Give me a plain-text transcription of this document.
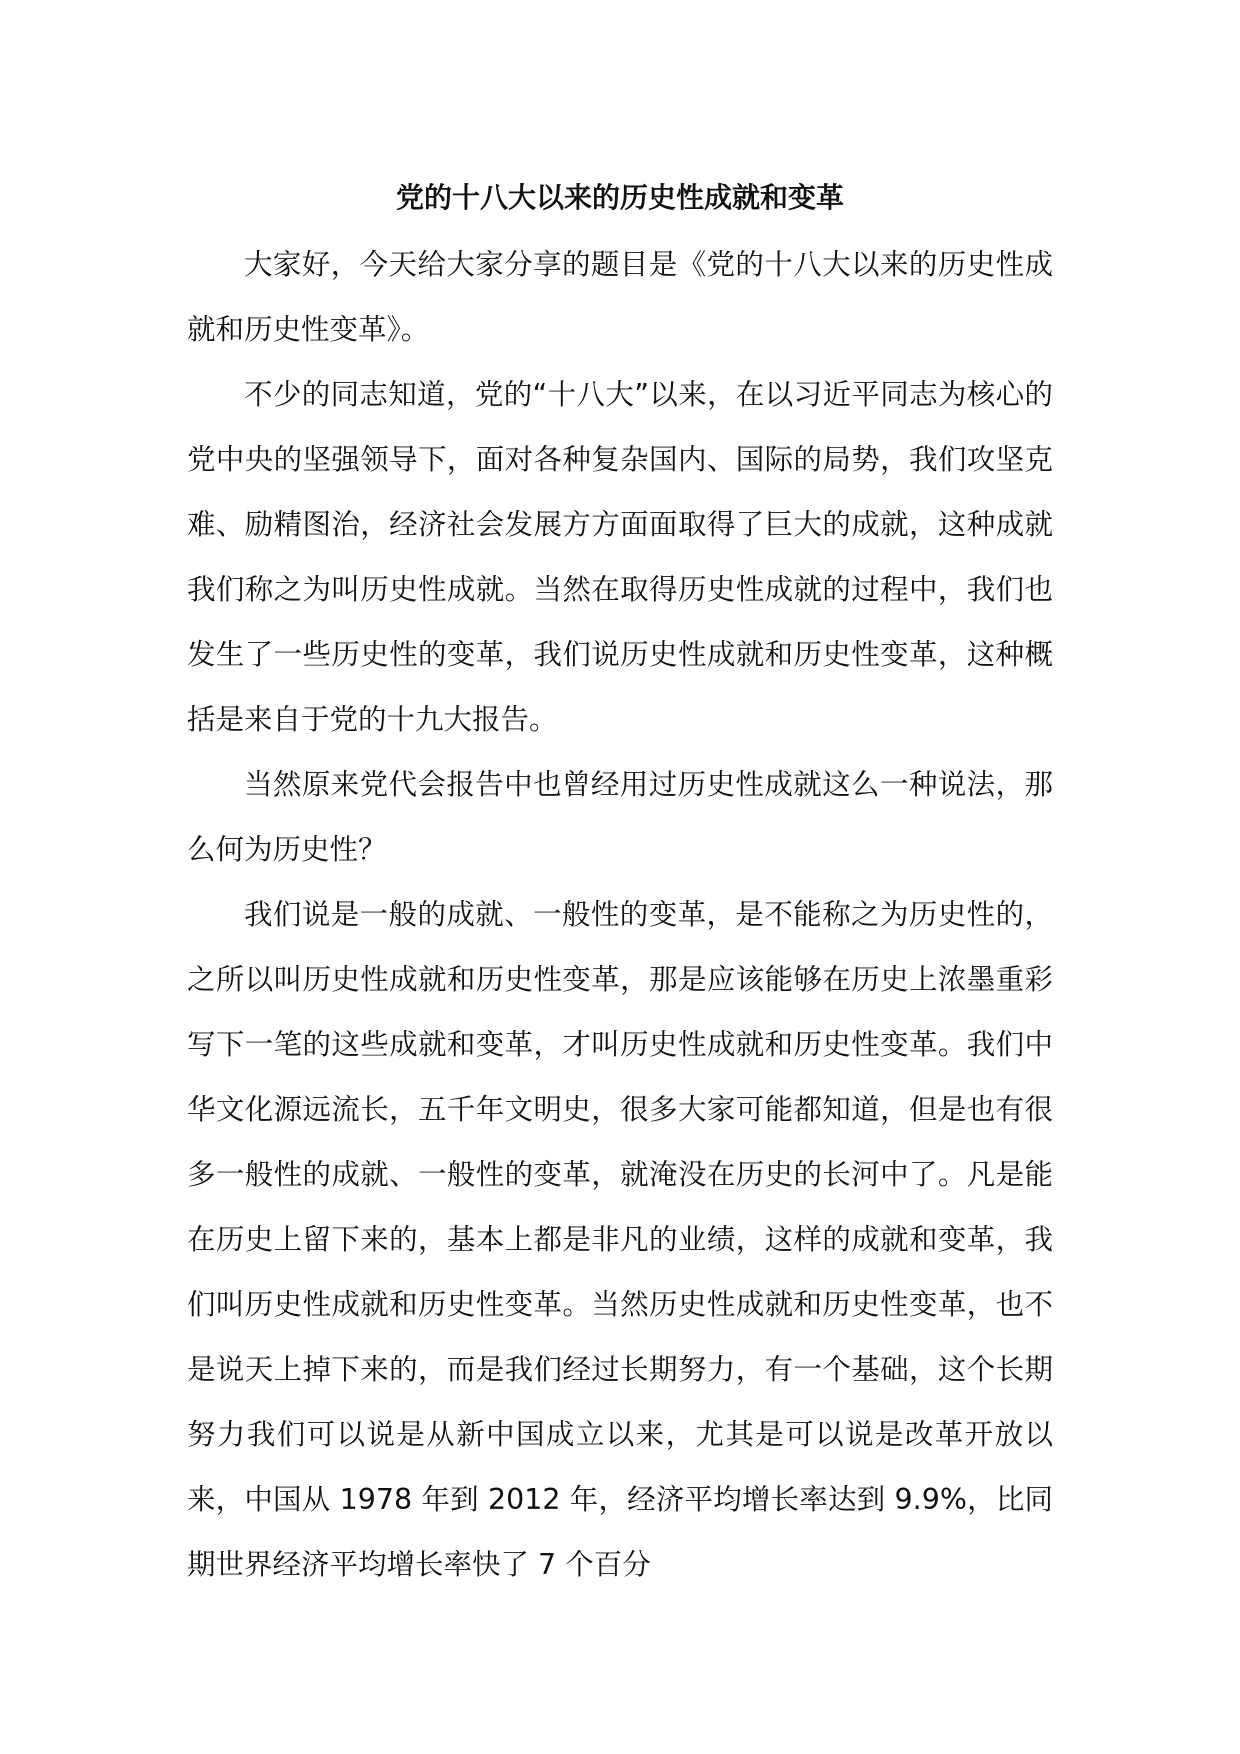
党的十八大以来的历史性成就和变革

大家好，今天给大家分享的题目是《党的十八大以来的历史性成就和历史性变革》。

不少的同志知道，党的“十八大”以来，在以习近平同志为核心的党中央的坚强领导下，面对各种复杂国内、国际的局势，我们攻坚克难、励精图治，经济社会发展方方面面取得了巨大的成就，这种成就我们称之为叫历史性成就。当然在取得历史性成就的过程中，我们也发生了一些历史性的变革，我们说历史性成就和历史性变革，这种概括是来自于党的十九大报告。

当然原来党代会报告中也曾经用过历史性成就这么一种说法，那么何为历史性？

我们说是一般的成就、一般性的变革，是不能称之为历史性的，之所以叫历史性成就和历史性变革，那是应该能够在历史上浓墨重彩写下一笔的这些成就和变革，才叫历史性成就和历史性变革。我们中华文化源远流长，五千年文明史，很多大家可能都知道，但是也有很多一般性的成就、一般性的变革，就淹没在历史的长河中了。凡是能在历史上留下来的，基本上都是非凡的业绩，这样的成就和变革，我们叫历史性成就和历史性变革。当然历史性成就和历史性变革，也不是说天上掉下来的，而是我们经过长期努力，有一个基础，这个长期努力我们可以说是从新中国成立以来，尤其是可以说是改革开放以来，中国从 1978 年到 2012 年，经济平均增长率达到 9.9%，比同期世界经济平均增长率快了 7 个百分
